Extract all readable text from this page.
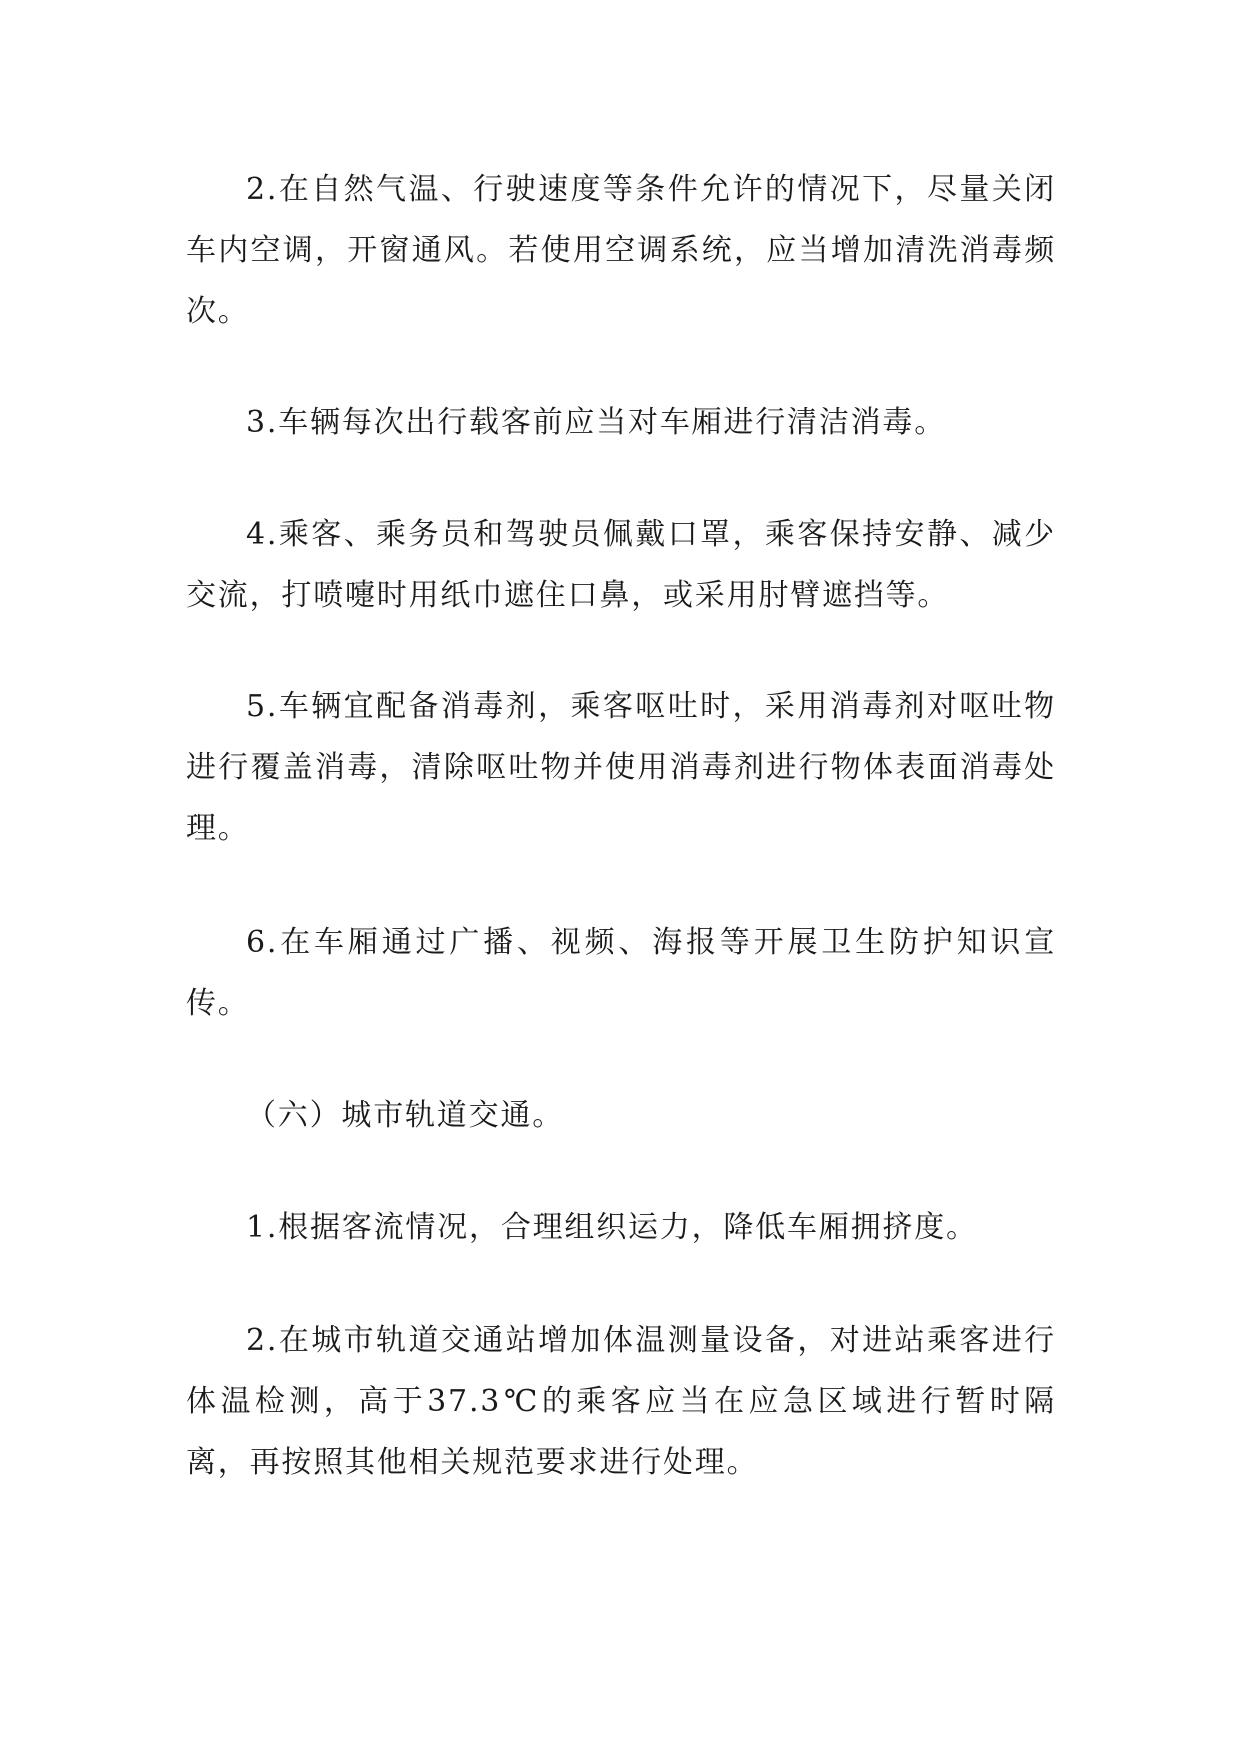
2.在自然气温、行驶速度等条件允许的情况下，尽量关闭车内空调，开窗通风。若使用空调系统，应当增加清洗消毒频次。

3.车辆每次出行载客前应当对车厢进行清洁消毒。

4.乘客、乘务员和驾驶员佩戴口罩，乘客保持安静、减少交流，打喷嚏时用纸巾遮住口鼻，或采用肘臂遮挡等。

5.车辆宜配备消毒剂，乘客呕吐时，采用消毒剂对呕吐物进行覆盖消毒，清除呕吐物并使用消毒剂进行物体表面消毒处理。

6.在车厢通过广播、视频、海报等开展卫生防护知识宣传。

（六）城市轨道交通。

1.根据客流情况，合理组织运力，降低车厢拥挤度。

2.在城市轨道交通站增加体温测量设备，对进站乘客进行体温检测，高于37.3℃的乘客应当在应急区域进行暂时隔离，再按照其他相关规范要求进行处理。
